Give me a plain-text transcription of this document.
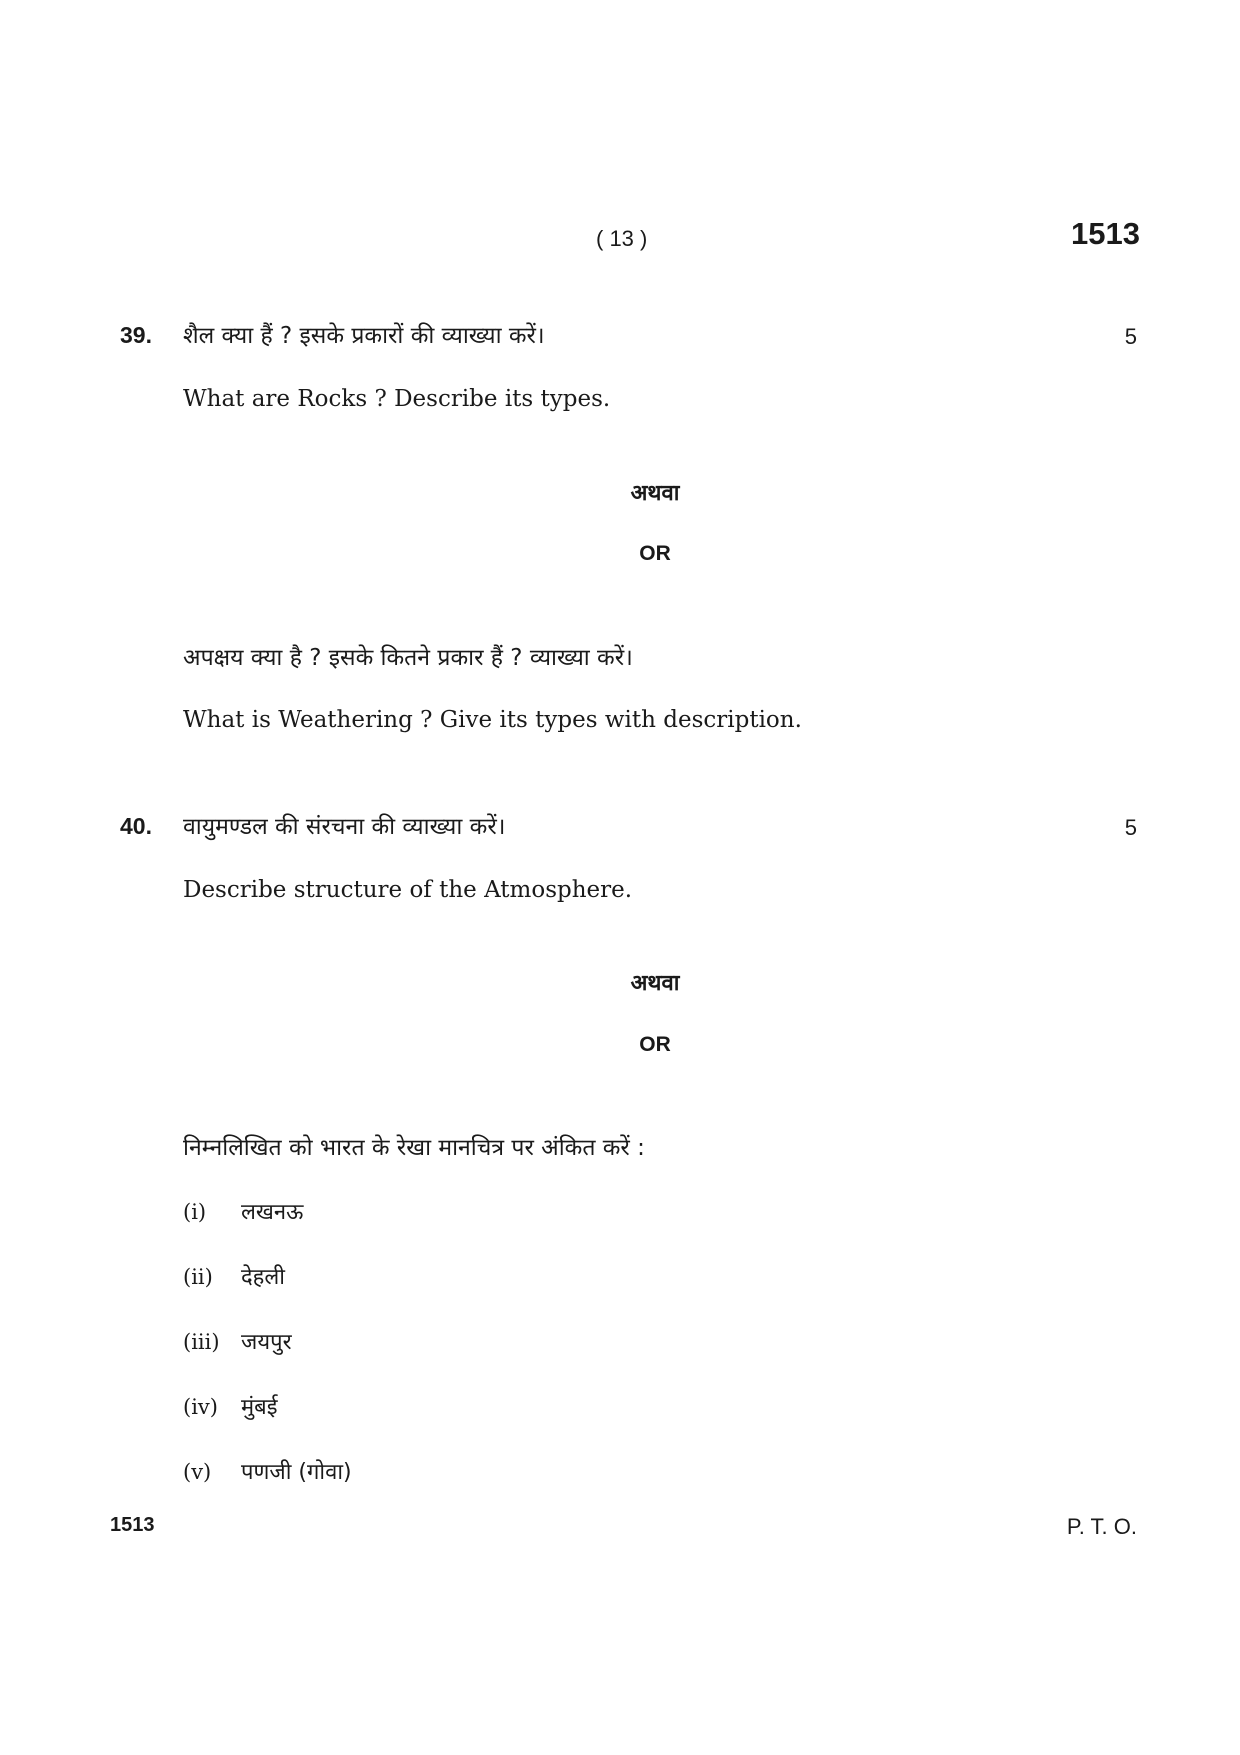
( 13 )	1513
39. शैल क्या हैं ? इसके प्रकारों की व्याख्या करें।	5
What are Rocks ? Describe its types.
अथवा
OR
अपक्षय क्या है ? इसके कितने प्रकार हैं ? व्याख्या करें।
What is Weathering ? Give its types with description.
40. वायुमण्डल की संरचना की व्याख्या करें।	5
Describe structure of the Atmosphere.
अथवा
OR
निम्नलिखित को भारत के रेखा मानचित्र पर अंकित करें :
(i) लखनऊ
(ii) देहली
(iii) जयपुर
(iv) मुंबई
(v) पणजी (गोवा)
1513	P. T. O.
